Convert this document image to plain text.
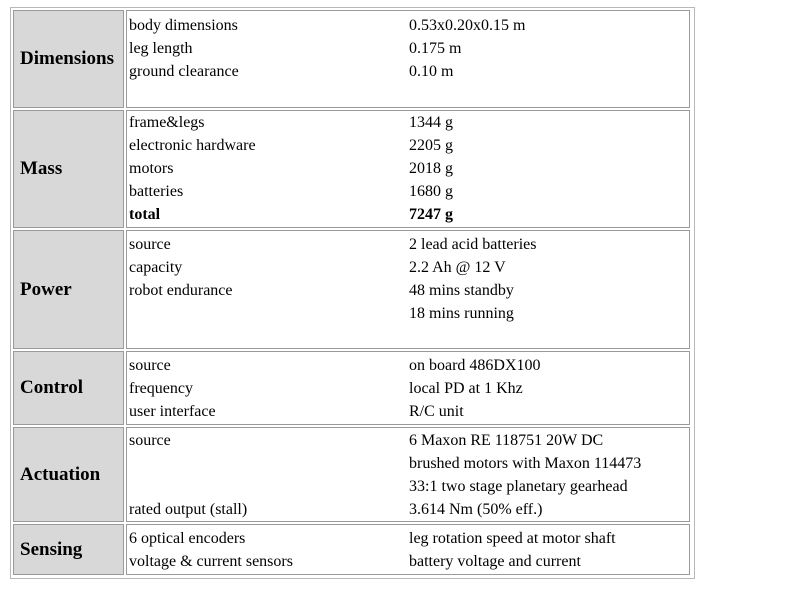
Dimensions
body dimensions	0.53x0.20x0.15 m
leg length	0.175 m
ground clearance	0.10 m
Mass
frame&legs	1344 g
electronic hardware	2205 g
motors	2018 g
batteries	1680 g
total	7247 g
Power
source	2 lead acid batteries
capacity	2.2 Ah @ 12 V
robot endurance	48 mins standby
18 mins running
Control
source	on board 486DX100
frequency	local PD at 1 Khz
user interface	R/C unit
Actuation
source	6 Maxon RE 118751 20W DC
brushed motors with Maxon 114473
33:1 two stage planetary gearhead
rated output (stall)	3.614 Nm (50% eff.)
Sensing	6 optical encoders	leg rotation speed at motor shaft
voltage & current sensors	battery voltage and current
